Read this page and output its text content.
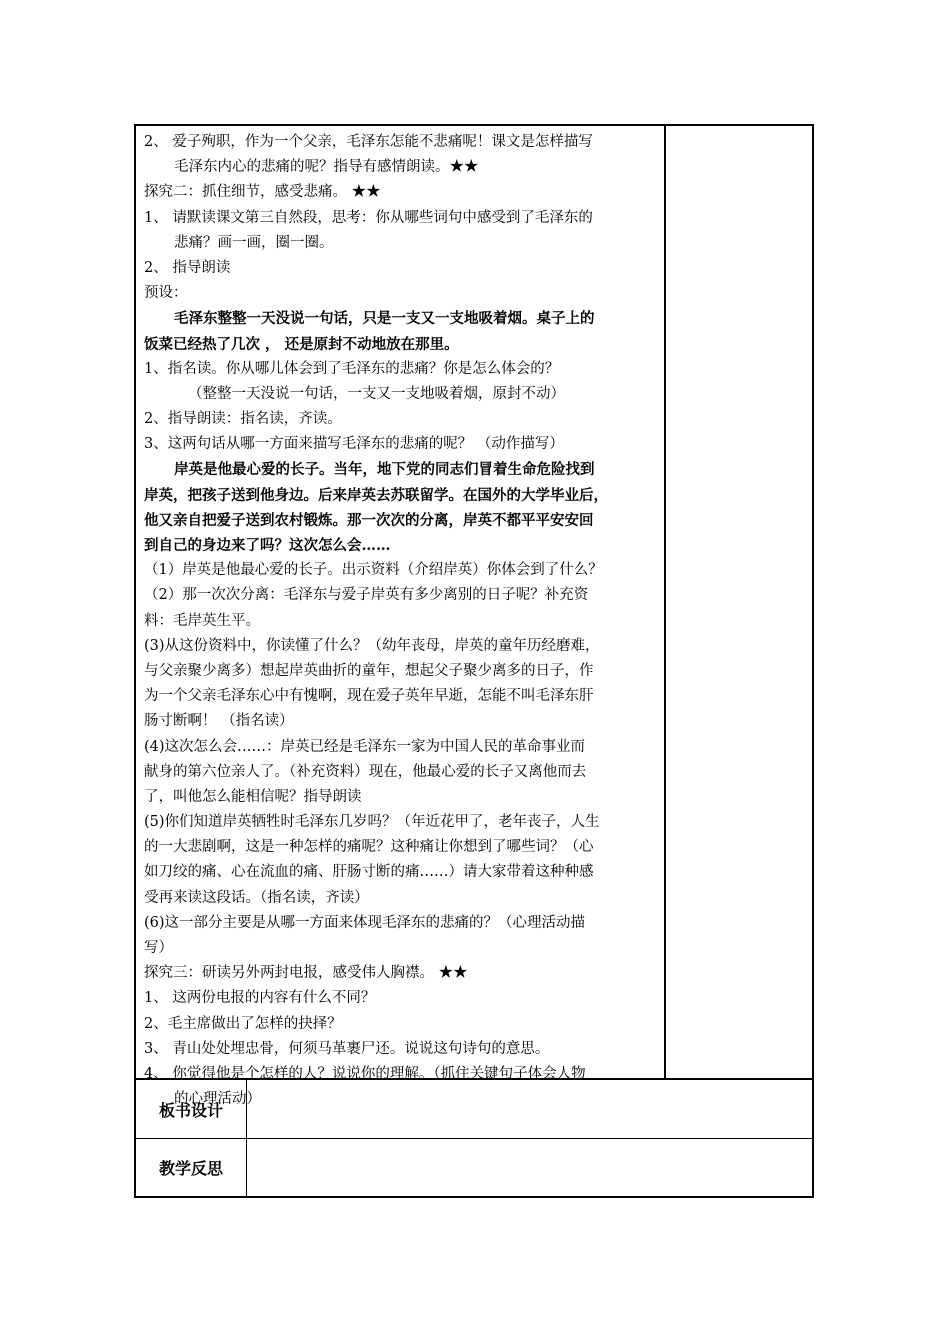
2、 爱子殉职，作为一个父亲，毛泽东怎能不悲痛呢！课文是怎样描写
毛泽东内心的悲痛的呢？指导有感情朗读。★★
探究二：抓住细节，感受悲痛。 ★★
1、 请默读课文第三自然段，思考：你从哪些词句中感受到了毛泽东的
悲痛？画一画，圈一圈。
2、 指导朗读
预设：
毛泽东整整一天没说一句话，只是一支又一支地吸着烟。桌子上的
饭菜已经热了几次 ， 还是原封不动地放在那里。
1、指名读。你从哪儿体会到了毛泽东的悲痛？你是怎么体会的？
（整整一天没说一句话，一支又一支地吸着烟，原封不动）
2、指导朗读：指名读，齐读。
3、这两句话从哪一方面来描写毛泽东的悲痛的呢？ （动作描写）
岸英是他最心爱的长子。当年，地下党的同志们冒着生命危险找到
岸英，把孩子送到他身边。后来岸英去苏联留学。在国外的大学毕业后，
他又亲自把爱子送到农村锻炼。那一次次的分离，岸英不都平平安安回
到自己的身边来了吗？这次怎么会……
（1）岸英是他最心爱的长子。出示资料（介绍岸英）你体会到了什么？
（2）那一次次分离：毛泽东与爱子岸英有多少离别的日子呢？补充资
料：毛岸英生平。
(3)从这份资料中，你读懂了什么？（幼年丧母，岸英的童年历经磨难，
与父亲聚少离多）想起岸英曲折的童年，想起父子聚少离多的日子，作
为一个父亲毛泽东心中有愧啊，现在爱子英年早逝，怎能不叫毛泽东肝
肠寸断啊！ （指名读）
(4)这次怎么会……：岸英已经是毛泽东一家为中国人民的革命事业而
献身的第六位亲人了。（补充资料）现在，他最心爱的长子又离他而去
了，叫他怎么能相信呢？指导朗读
(5)你们知道岸英牺牲时毛泽东几岁吗？（年近花甲了，老年丧子，人生
的一大悲剧啊，这是一种怎样的痛呢？这种痛让你想到了哪些词？（心
如刀绞的痛、心在流血的痛、肝肠寸断的痛……）请大家带着这种种感
受再来读这段话。（指名读，齐读）
(6)这一部分主要是从哪一方面来体现毛泽东的悲痛的？（心理活动描
写）
探究三：研读另外两封电报，感受伟人胸襟。 ★★
1、 这两份电报的内容有什么不同？
2、毛主席做出了怎样的抉择？
3、 青山处处埋忠骨，何须马革裹尸还。说说这句诗句的意思。
4、 你觉得他是个怎样的人？说说你的理解。（抓住关键句子体会人物
的心理活动）
板书设计
教学反思
